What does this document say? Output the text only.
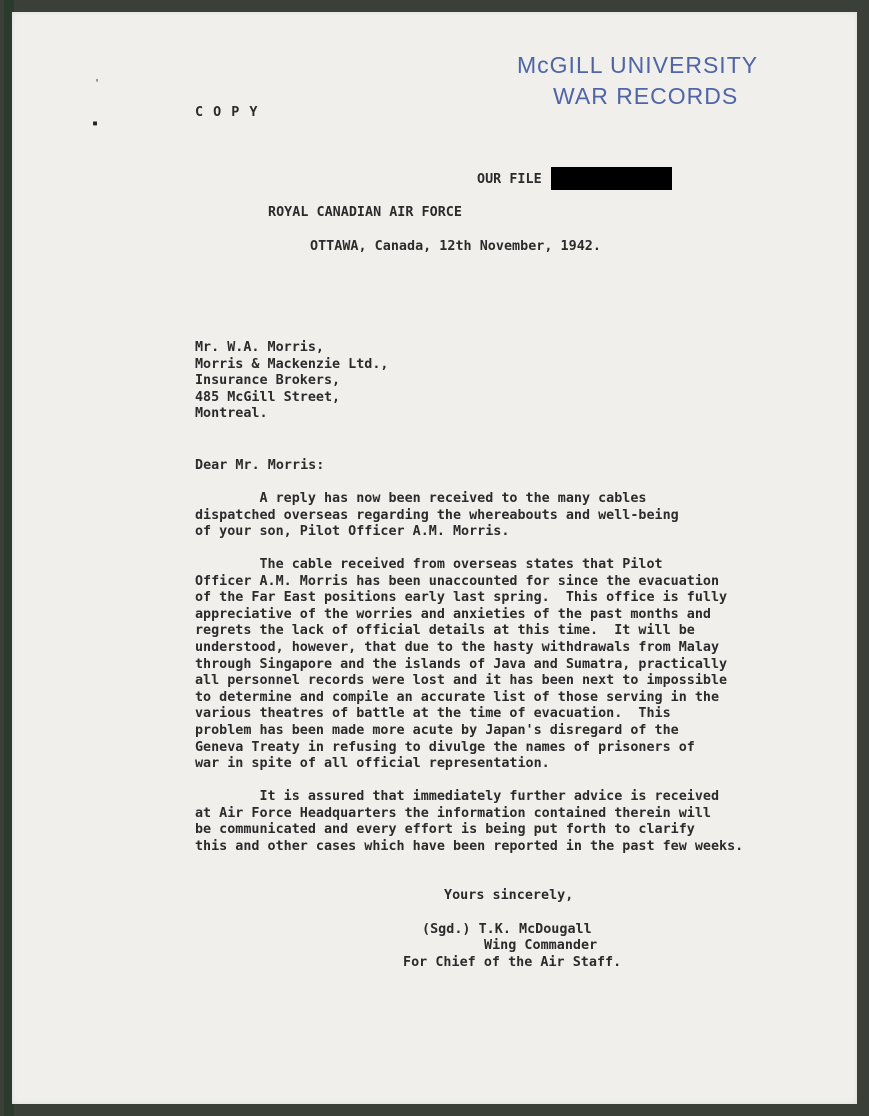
McGILL UNIVERSITY
WAR RECORDS
'
▪
C O P Y
OUR FILE
ROYAL CANADIAN AIR FORCE
OTTAWA, Canada, 12th November, 1942.
Mr. W.A. Morris,
Morris & Mackenzie Ltd.,
Insurance Brokers,
485 McGill Street,
Montreal.
Dear Mr. Morris:
A reply has now been received to the many cables
dispatched overseas regarding the whereabouts and well-being
of your son, Pilot Officer A.M. Morris.
The cable received from overseas states that Pilot
Officer A.M. Morris has been unaccounted for since the evacuation
of the Far East positions early last spring.  This office is fully
appreciative of the worries and anxieties of the past months and
regrets the lack of official details at this time.  It will be
understood, however, that due to the hasty withdrawals from Malay
through Singapore and the islands of Java and Sumatra, practically
all personnel records were lost and it has been next to impossible
to determine and compile an accurate list of those serving in the
various theatres of battle at the time of evacuation.  This
problem has been made more acute by Japan's disregard of the
Geneva Treaty in refusing to divulge the names of prisoners of
war in spite of all official representation.
It is assured that immediately further advice is received
at Air Force Headquarters the information contained therein will
be communicated and every effort is being put forth to clarify
this and other cases which have been reported in the past few weeks.
Yours sincerely,
(Sgd.) T.K. McDougall
Wing Commander
For Chief of the Air Staff.
